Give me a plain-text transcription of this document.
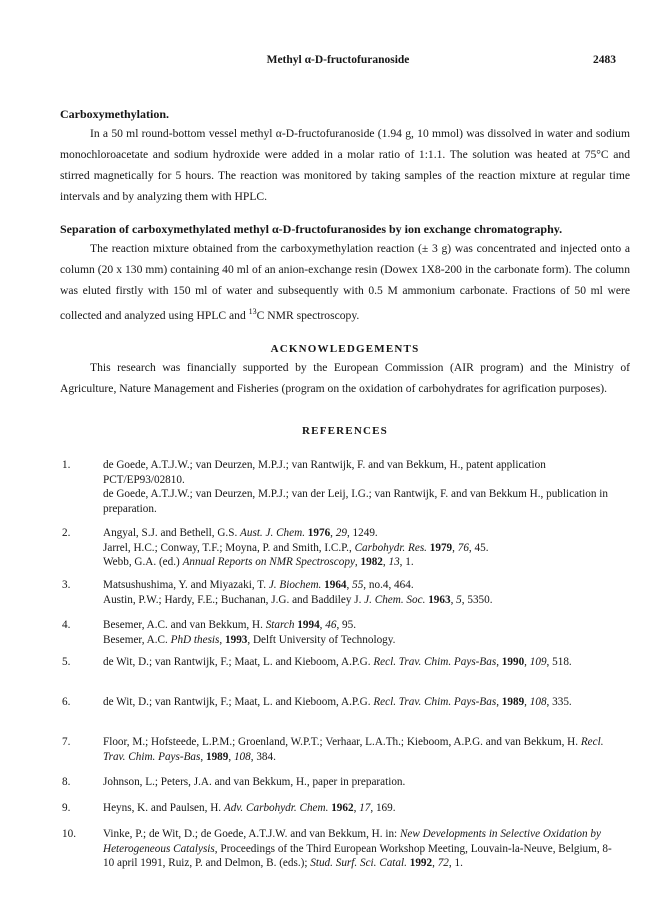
Methyl α-D-fructofuranoside	2483
Carboxymethylation.

In a 50 ml round-bottom vessel methyl α-D-fructofuranoside (1.94 g, 10 mmol) was dissolved in water and sodium monochloroacetate and sodium hydroxide were added in a molar ratio of 1:1.1. The solution was heated at 75°C and stirred magnetically for 5 hours. The reaction was monitored by taking samples of the reaction mixture at regular time intervals and by analyzing them with HPLC.

Separation of carboxymethylated methyl α-D-fructofuranosides by ion exchange chromatography.

The reaction mixture obtained from the carboxymethylation reaction (± 3 g) was concentrated and injected onto a column (20 x 130 mm) containing 40 ml of an anion-exchange resin (Dowex 1X8-200 in the carbonate form). The column was eluted firstly with 150 ml of water and subsequently with 0.5 M ammonium carbonate. Fractions of 50 ml were collected and analyzed using HPLC and $^{13}$C NMR spectroscopy.

ACKNOWLEDGEMENTS

This research was financially supported by the European Commission (AIR program) and the Ministry of Agriculture, Nature Management and Fisheries (program on the oxidation of carbohydrates for agrification purposes).

REFERENCES
1.	de Goede, A.T.J.W.; van Deurzen, M.P.J.; van Rantwijk, F. and van Bekkum, H., patent application PCT/EP93/02810.
de Goede, A.T.J.W.; van Deurzen, M.P.J.; van der Leij, I.G.; van Rantwijk, F. and van Bekkum H., publication in preparation.
2.	Angyal, S.J. and Bethell, G.S. Aust. J. Chem. 1976, 29, 1249.
Jarrel, H.C.; Conway, T.F.; Moyna, P. and Smith, I.C.P., Carbohydr. Res. 1979, 76, 45.
Webb, G.A. (ed.) Annual Reports on NMR Spectroscopy, 1982, 13, 1.
3.	Matsushushima, Y. and Miyazaki, T. J. Biochem. 1964, 55, no.4, 464.
Austin, P.W.; Hardy, F.E.; Buchanan, J.G. and Baddiley J. J. Chem. Soc. 1963, 5, 5350.
4.	Besemer, A.C. and van Bekkum, H. Starch 1994, 46, 95.
Besemer, A.C. PhD thesis, 1993, Delft University of Technology.
5.	de Wit, D.; van Rantwijk, F.; Maat, L. and Kieboom, A.P.G. Recl. Trav. Chim. Pays-Bas, 1990, 109, 518.
6.	de Wit, D.; van Rantwijk, F.; Maat, L. and Kieboom, A.P.G. Recl. Trav. Chim. Pays-Bas, 1989, 108, 335.
7.	Floor, M.; Hofsteede, L.P.M.; Groenland, W.P.T.; Verhaar, L.A.Th.; Kieboom, A.P.G. and van Bekkum, H. Recl. Trav. Chim. Pays-Bas, 1989, 108, 384.
8.	Johnson, L.; Peters, J.A. and van Bekkum, H., paper in preparation.
9.	Heyns, K. and Paulsen, H. Adv. Carbohydr. Chem. 1962, 17, 169.
10.	Vinke, P.; de Wit, D.; de Goede, A.T.J.W. and van Bekkum, H. in: New Developments in Selective Oxidation by Heterogeneous Catalysis, Proceedings of the Third European Workshop Meeting, Louvain-la-Neuve, Belgium, 8-10 april 1991, Ruiz, P. and Delmon, B. (eds.); Stud. Surf. Sci. Catal. 1992, 72, 1.
